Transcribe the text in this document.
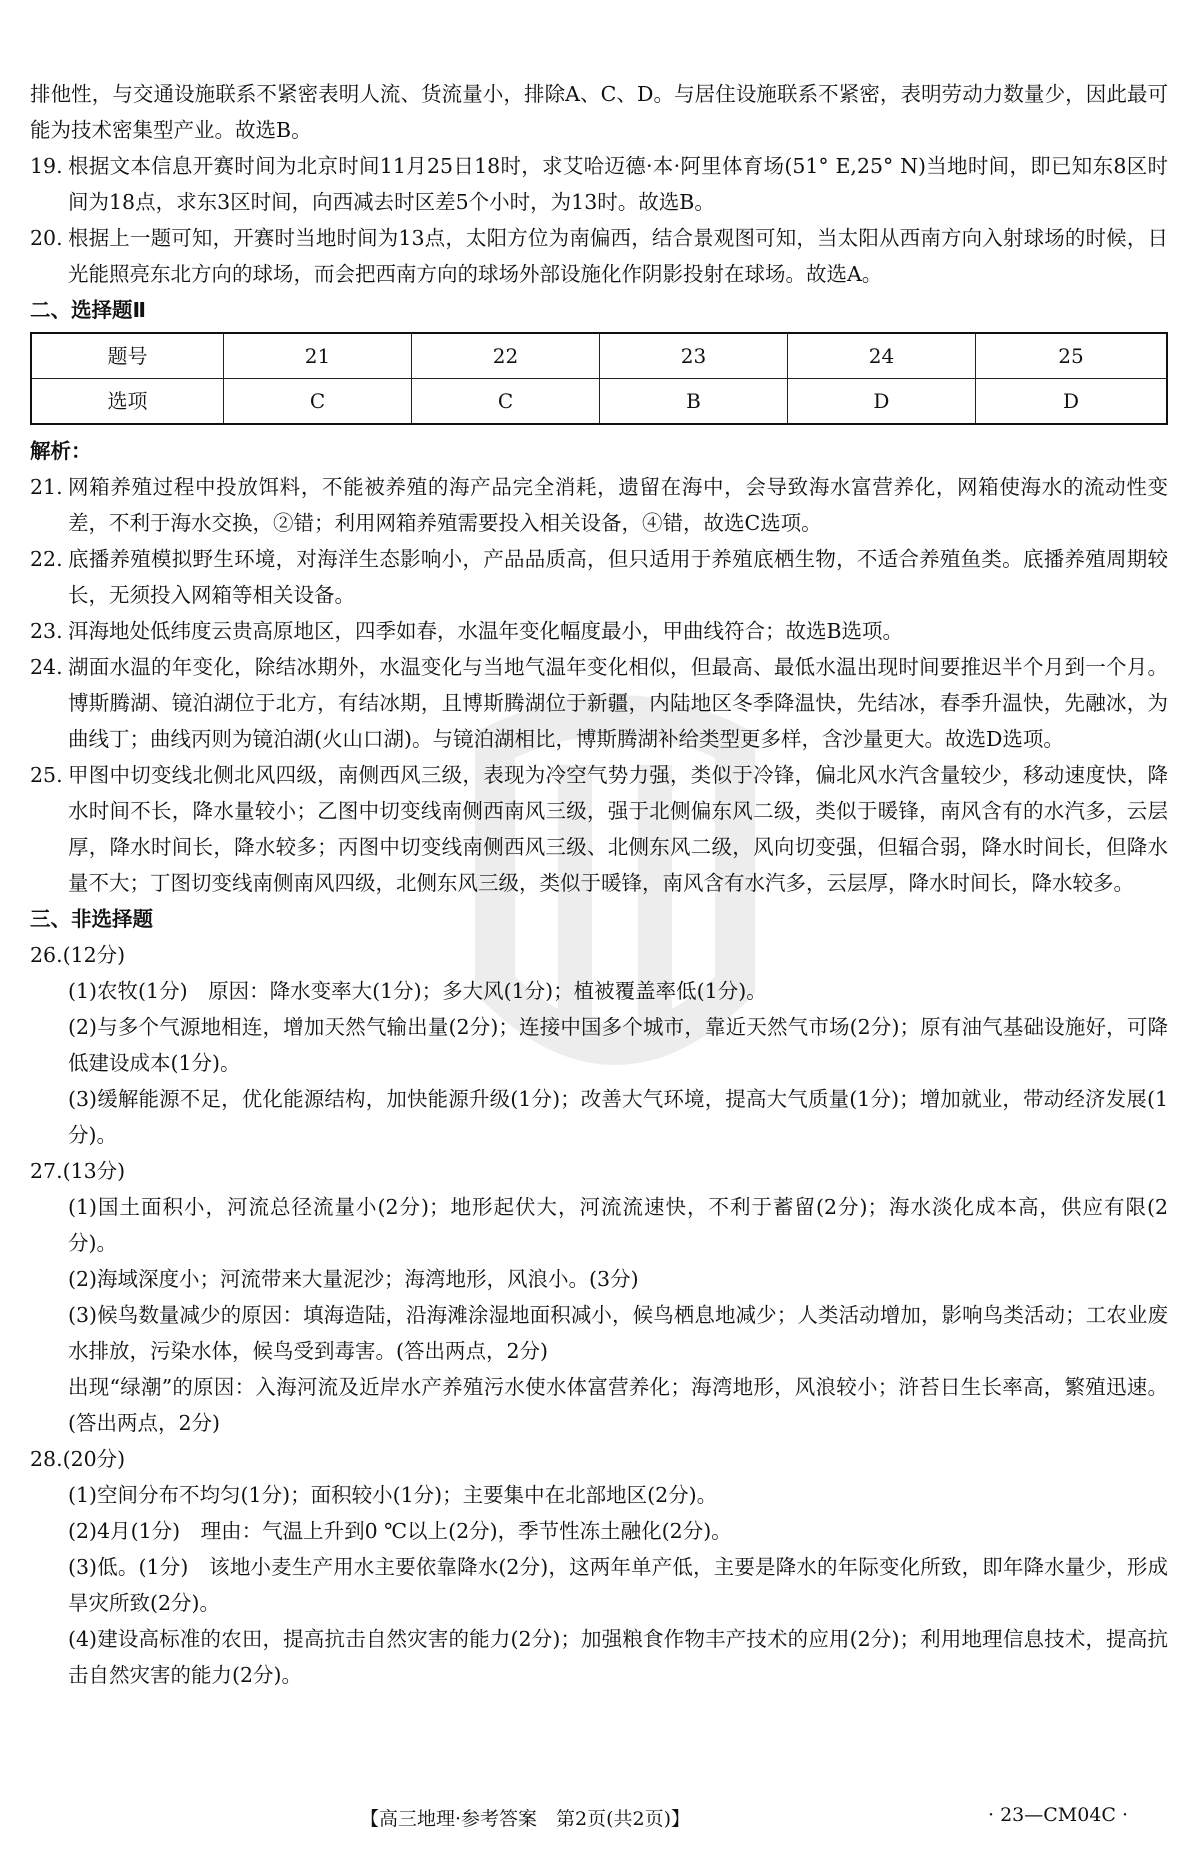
排他性，与交通设施联系不紧密表明人流、货流量小，排除A、C、D。与居住设施联系不紧密，表明劳动力数量少，因此最可能为技术密集型产业。故选B。

19. 根据文本信息开赛时间为北京时间11月25日18时，求艾哈迈德·本·阿里体育场(51° E,25° N)当地时间，即已知东8区时间为18点，求东3区时间，向西减去时区差5个小时，为13时。故选B。
20. 根据上一题可知，开赛时当地时间为13点，太阳方位为南偏西，结合景观图可知，当太阳从西南方向入射球场的时候，日光能照亮东北方向的球场，而会把西南方向的球场外部设施化作阴影投射在球场。故选A。
二、选择题Ⅱ
题号	21	22	23	24	25
选项	C	C	B	D	D
解析：
21. 网箱养殖过程中投放饵料，不能被养殖的海产品完全消耗，遗留在海中，会导致海水富营养化，网箱使海水的流动性变差，不利于海水交换，②错；利用网箱养殖需要投入相关设备，④错，故选C选项。
22. 底播养殖模拟野生环境，对海洋生态影响小，产品品质高，但只适用于养殖底栖生物，不适合养殖鱼类。底播养殖周期较长，无须投入网箱等相关设备。
23. 洱海地处低纬度云贵高原地区，四季如春，水温年变化幅度最小，甲曲线符合；故选B选项。
24. 湖面水温的年变化，除结冰期外，水温变化与当地气温年变化相似，但最高、最低水温出现时间要推迟半个月到一个月。博斯腾湖、镜泊湖位于北方，有结冰期，且博斯腾湖位于新疆，内陆地区冬季降温快，先结冰，春季升温快，先融冰，为曲线丁；曲线丙则为镜泊湖(火山口湖)。与镜泊湖相比，博斯腾湖补给类型更多样，含沙量更大。故选D选项。
25. 甲图中切变线北侧北风四级，南侧西风三级，表现为冷空气势力强，类似于冷锋，偏北风水汽含量较少，移动速度快，降水时间不长，降水量较小；乙图中切变线南侧西南风三级，强于北侧偏东风二级，类似于暖锋，南风含有的水汽多，云层厚，降水时间长，降水较多；丙图中切变线南侧西风三级、北侧东风二级，风向切变强，但辐合弱，降水时间长，但降水量不大；丁图切变线南侧南风四级，北侧东风三级，类似于暖锋，南风含有水汽多，云层厚，降水时间长，降水较多。
三、非选择题
26.(12分)
(1)农牧(1分)　原因：降水变率大(1分)；多大风(1分)；植被覆盖率低(1分)。
(2)与多个气源地相连，增加天然气输出量(2分)；连接中国多个城市，靠近天然气市场(2分)；原有油气基础设施好，可降低建设成本(1分)。
(3)缓解能源不足，优化能源结构，加快能源升级(1分)；改善大气环境，提高大气质量(1分)；增加就业，带动经济发展(1分)。
27.(13分)
(1)国土面积小，河流总径流量小(2分)；地形起伏大，河流流速快，不利于蓄留(2分)；海水淡化成本高，供应有限(2分)。
(2)海域深度小；河流带来大量泥沙；海湾地形，风浪小。(3分)
(3)候鸟数量减少的原因：填海造陆，沿海滩涂湿地面积减小，候鸟栖息地减少；人类活动增加，影响鸟类活动；工农业废水排放，污染水体，候鸟受到毒害。(答出两点，2分)
出现“绿潮”的原因：入海河流及近岸水产养殖污水使水体富营养化；海湾地形，风浪较小；浒苔日生长率高，繁殖迅速。(答出两点，2分)
28.(20分)
(1)空间分布不均匀(1分)；面积较小(1分)；主要集中在北部地区(2分)。
(2)4月(1分)　理由：气温上升到0 ℃以上(2分)，季节性冻土融化(2分)。
(3)低。(1分)　该地小麦生产用水主要依靠降水(2分)，这两年单产低，主要是降水的年际变化所致，即年降水量少，形成旱灾所致(2分)。
(4)建设高标准的农田，提高抗击自然灾害的能力(2分)；加强粮食作物丰产技术的应用(2分)；利用地理信息技术，提高抗击自然灾害的能力(2分)。
【高三地理·参考答案　第2页(共2页)】	· 23—CM04C ·
